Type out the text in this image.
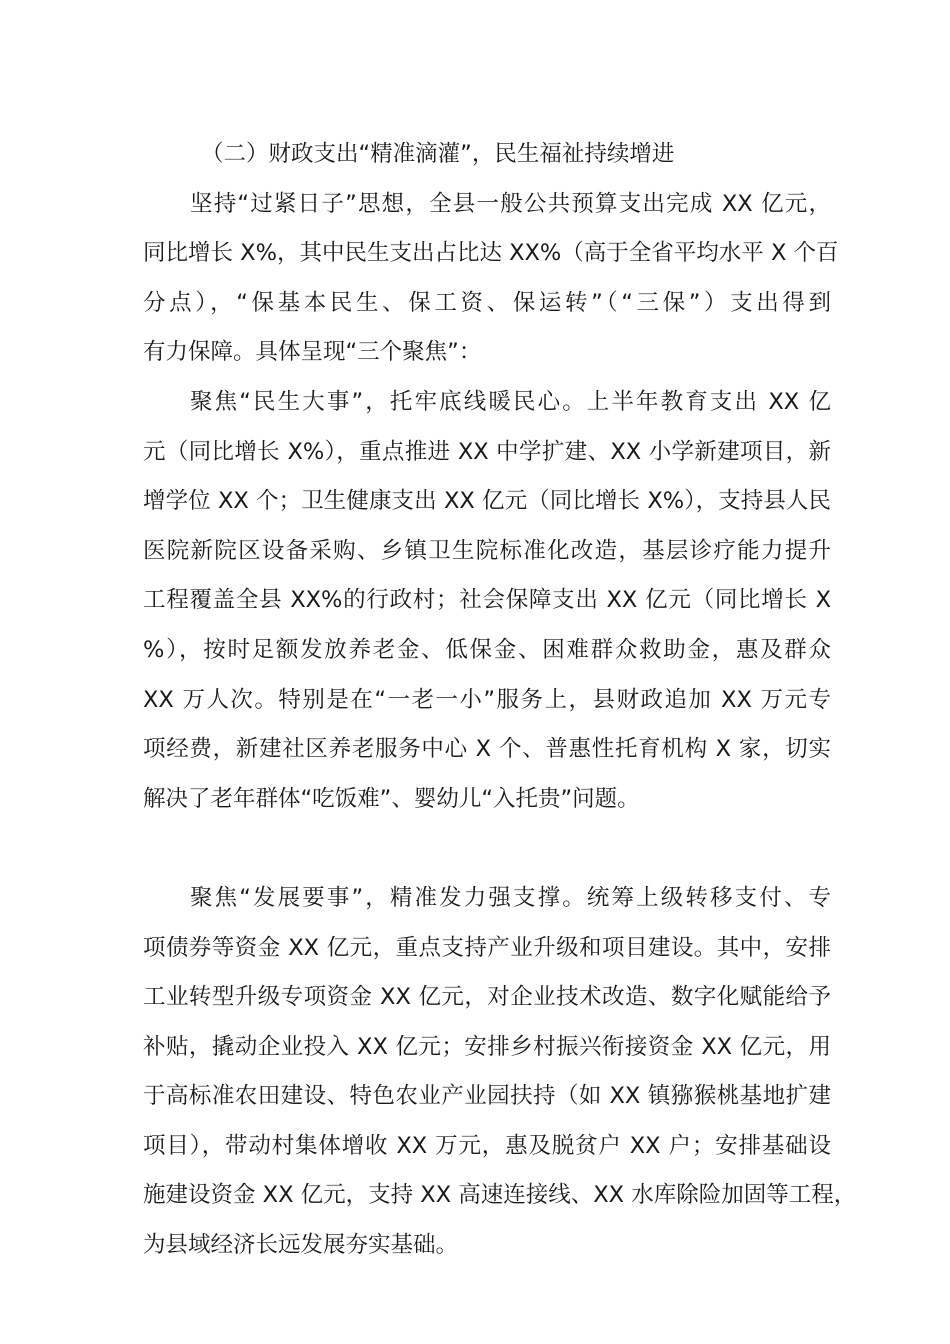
（二）财政支出“精准滴灌”，民生福祉持续增进
坚持“过紧日子”思想，全县一般公共预算支出完成 XX 亿元，
同比增长 X%，其中民生支出占比达 XX%（高于全省平均水平 X 个百
分点），“保基本民生、保工资、保运转”（“三保”）支出得到
有力保障。具体呈现“三个聚焦”：
聚焦“民生大事”，托牢底线暖民心。上半年教育支出 XX 亿
元（同比增长 X%），重点推进 XX 中学扩建、XX 小学新建项目，新
增学位 XX 个；卫生健康支出 XX 亿元（同比增长 X%），支持县人民
医院新院区设备采购、乡镇卫生院标准化改造，基层诊疗能力提升
工程覆盖全县 XX%的行政村；社会保障支出 XX 亿元（同比增长 X
%），按时足额发放养老金、低保金、困难群众救助金，惠及群众
XX 万人次。特别是在“一老一小”服务上，县财政追加 XX 万元专
项经费，新建社区养老服务中心 X 个、普惠性托育机构 X 家，切实
解决了老年群体“吃饭难”、婴幼儿“入托贵”问题。
聚焦“发展要事”，精准发力强支撑。统筹上级转移支付、专
项债券等资金 XX 亿元，重点支持产业升级和项目建设。其中，安排
工业转型升级专项资金 XX 亿元，对企业技术改造、数字化赋能给予
补贴，撬动企业投入 XX 亿元；安排乡村振兴衔接资金 XX 亿元，用
于高标准农田建设、特色农业产业园扶持（如 XX 镇猕猴桃基地扩建
项目），带动村集体增收 XX 万元，惠及脱贫户 XX 户；安排基础设
施建设资金 XX 亿元，支持 XX 高速连接线、XX 水库除险加固等工程，
为县域经济长远发展夯实基础。
